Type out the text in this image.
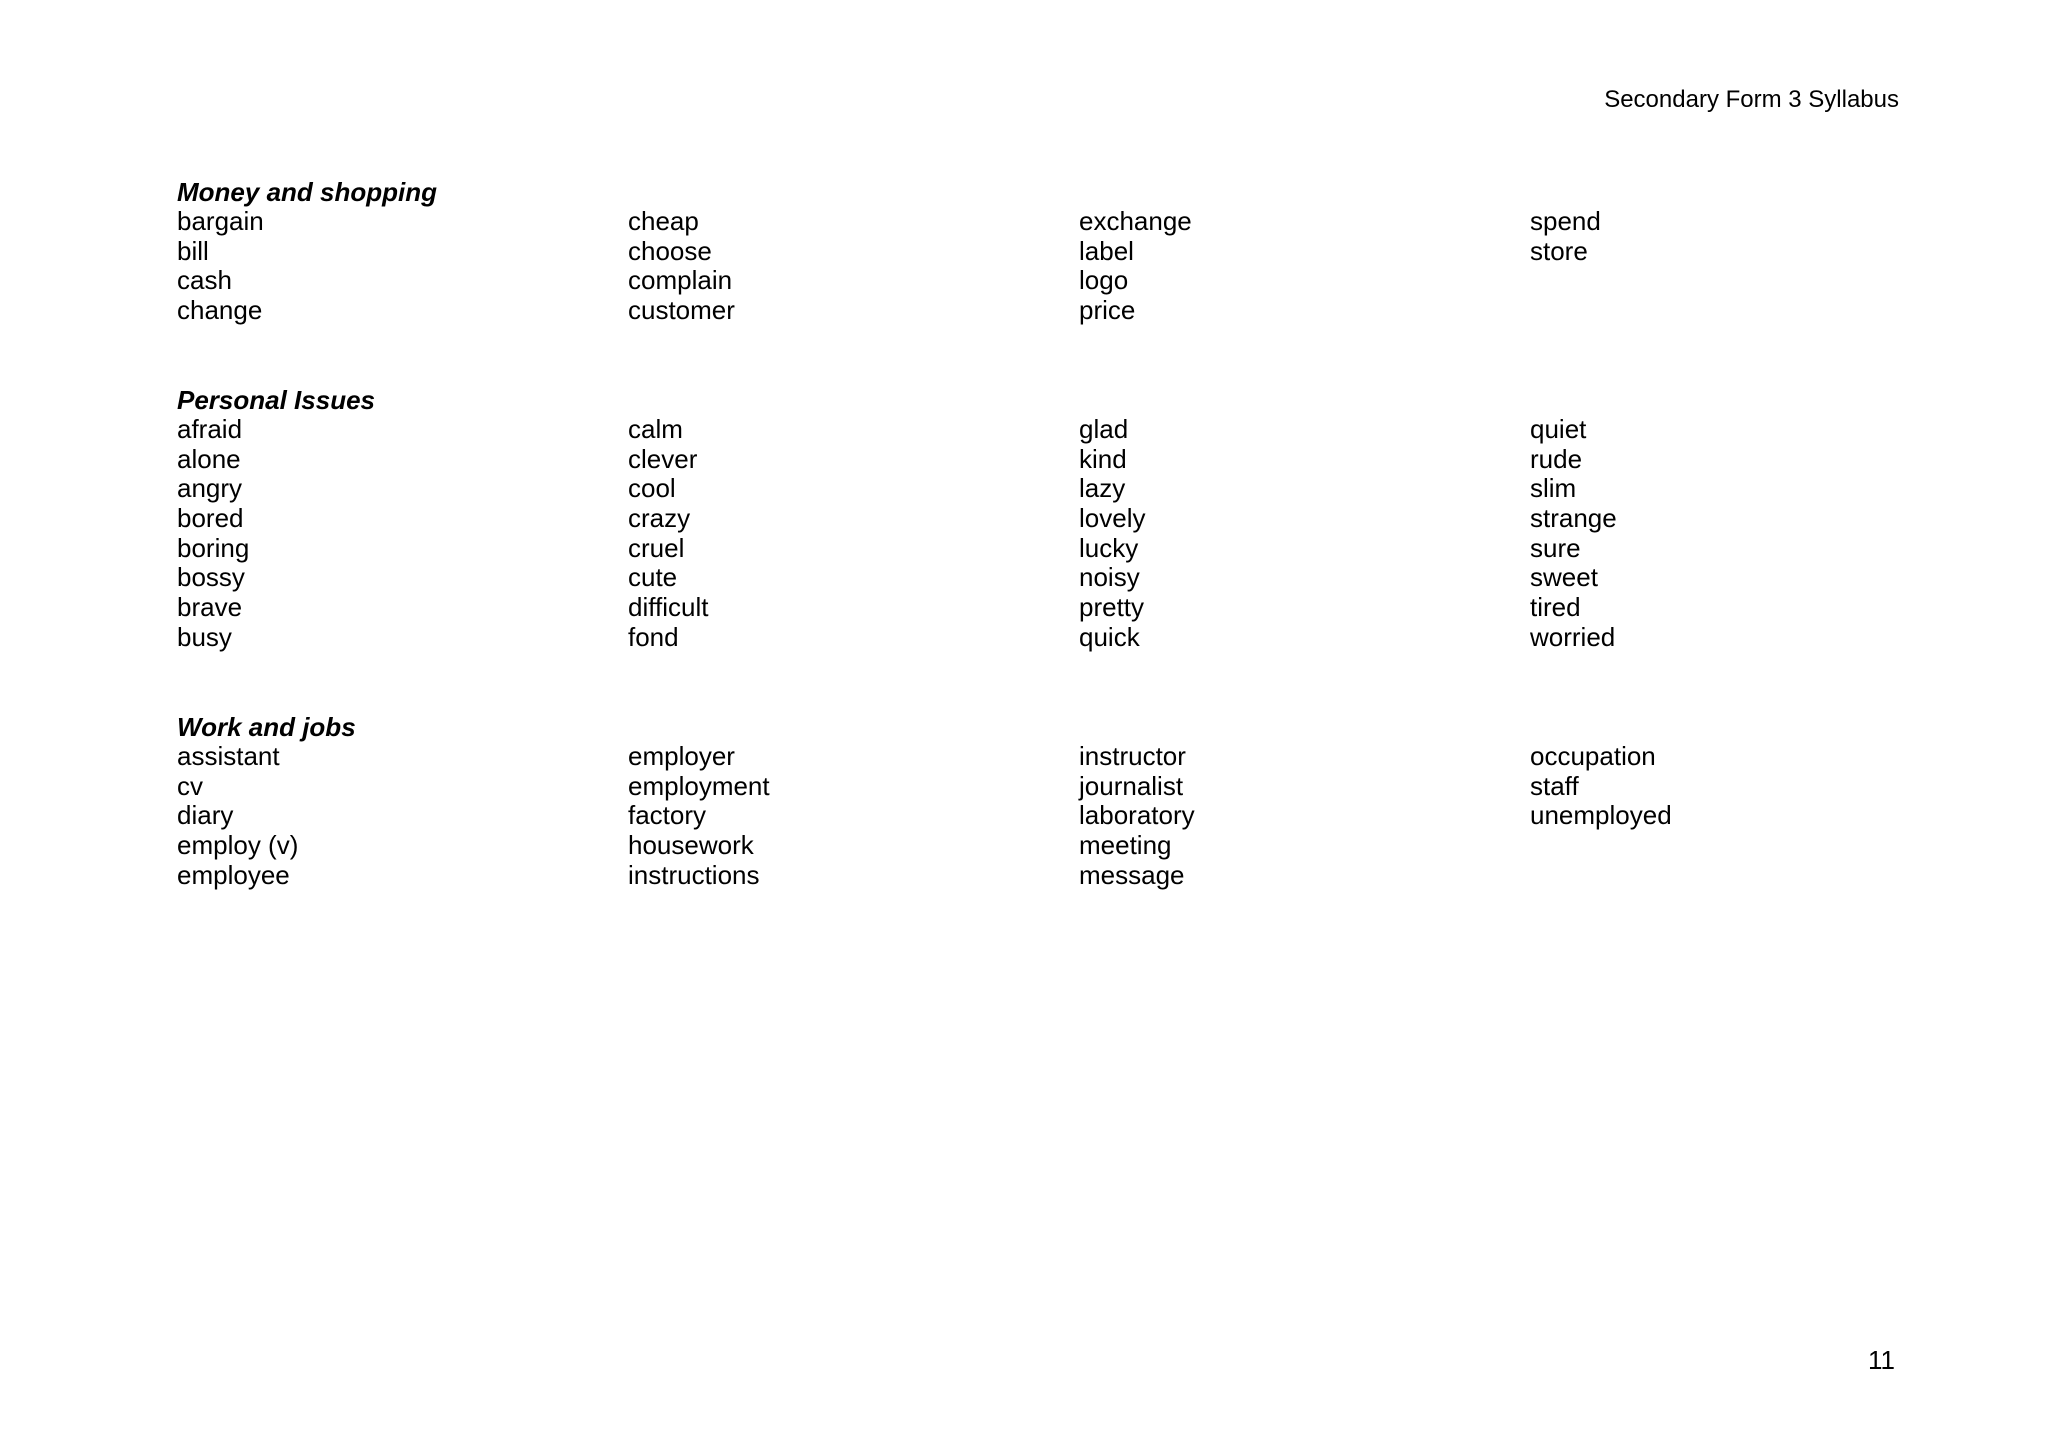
Secondary Form 3 Syllabus
Money and shopping
bargain
bill
cash
change
cheap
choose
complain
customer
exchange
label
logo
price
spend
store
Personal Issues
afraid
alone
angry
bored
boring
bossy
brave
busy
calm
clever
cool
crazy
cruel
cute
difficult
fond
glad
kind
lazy
lovely
lucky
noisy
pretty
quick
quiet
rude
slim
strange
sure
sweet
tired
worried
Work and jobs
assistant
cv
diary
employ (v)
employee
employer
employment
factory
housework
instructions
instructor
journalist
laboratory
meeting
message
occupation
staff
unemployed
11
